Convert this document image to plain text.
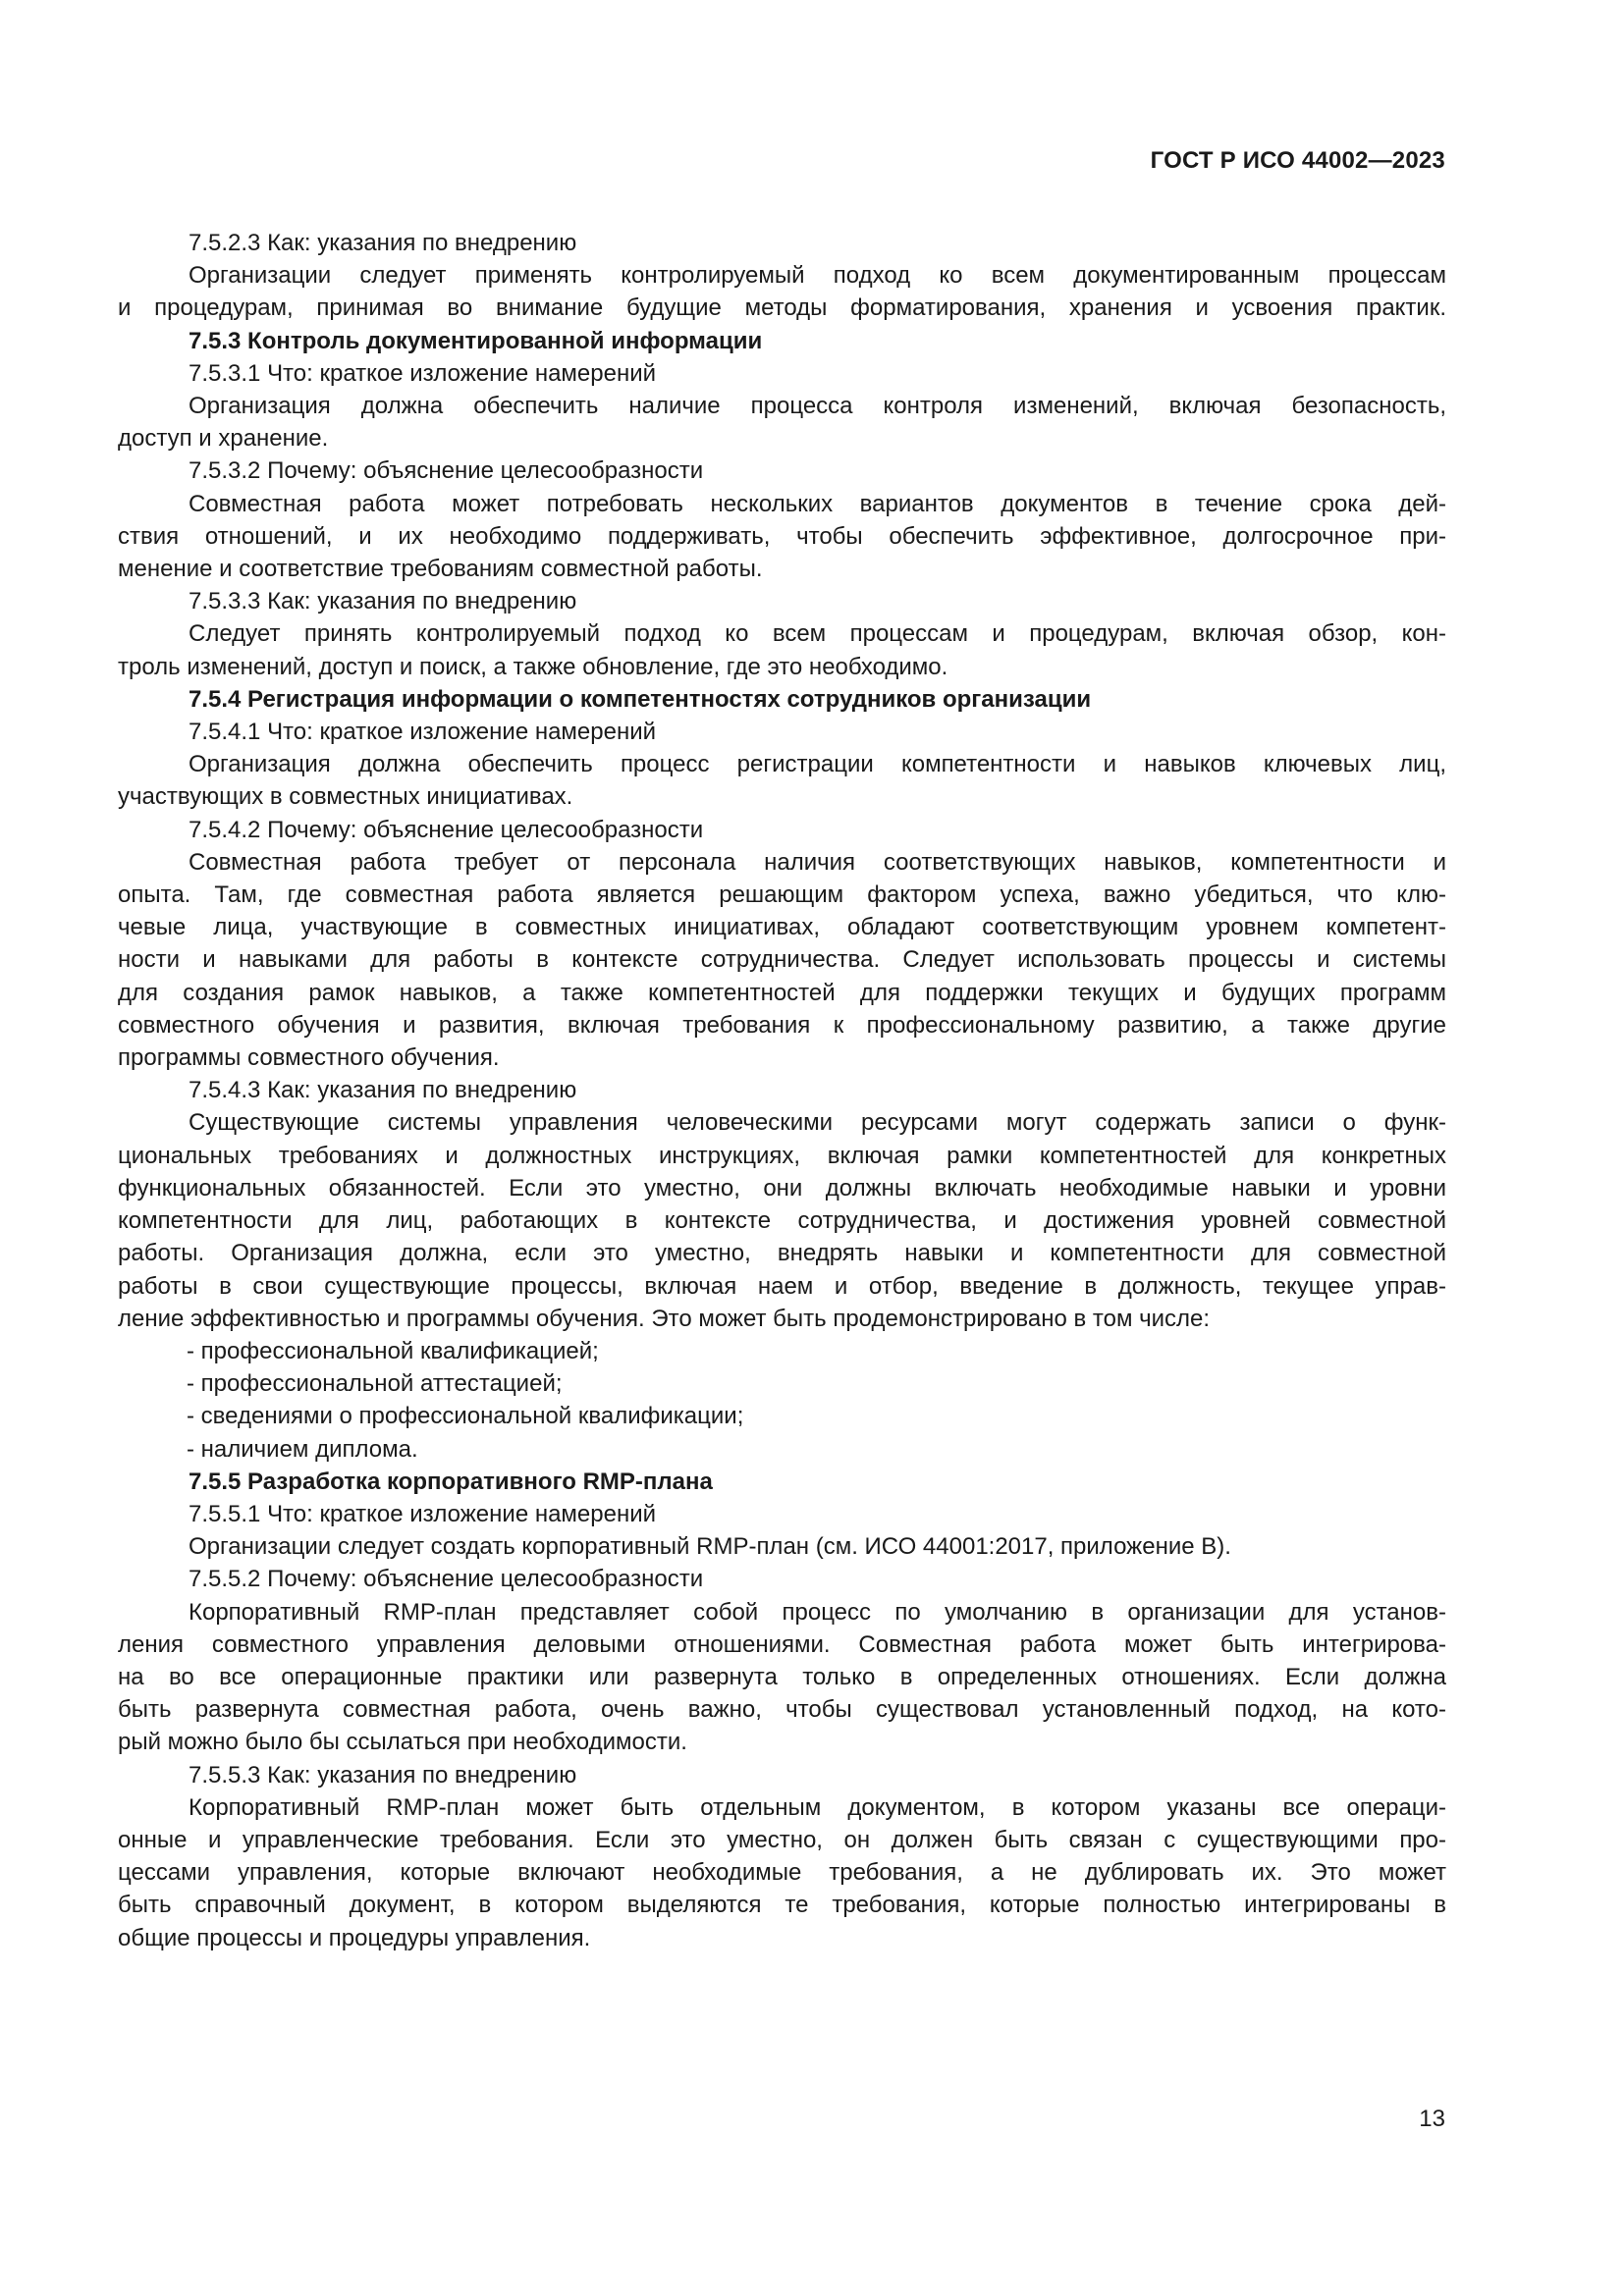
ГОСТ Р ИСО 44002—2023

7.5.2.3 Как: указания по внедрению

Организации следует применять контролируемый подход ко всем документированным процессам

и процедурам, принимая во внимание будущие методы форматирования, хранения и усвоения практик.

7.5.3 Контроль документированной информации

7.5.3.1 Что: краткое изложение намерений

Организация должна обеспечить наличие процесса контроля изменений, включая безопасность,

доступ и хранение.

7.5.3.2 Почему: объяснение целесообразности

Совместная работа может потребовать нескольких вариантов документов в течение срока дей-

ствия отношений, и их необходимо поддерживать, чтобы обеспечить эффективное, долгосрочное при-

менение и соответствие требованиям совместной работы.

7.5.3.3 Как: указания по внедрению

Следует принять контролируемый подход ко всем процессам и процедурам, включая обзор, кон-

троль изменений, доступ и поиск, а также обновление, где это необходимо.

7.5.4 Регистрация информации о компетентностях сотрудников организации

7.5.4.1 Что: краткое изложение намерений

Организация должна обеспечить процесс регистрации компетентности и навыков ключевых лиц,

участвующих в совместных инициативах.

7.5.4.2 Почему: объяснение целесообразности

Совместная работа требует от персонала наличия соответствующих навыков, компетентности и

опыта. Там, где совместная работа является решающим фактором успеха, важно убедиться, что клю-

чевые лица, участвующие в совместных инициативах, обладают соответствующим уровнем компетент-

ности и навыками для работы в контексте сотрудничества. Следует использовать процессы и системы

для создания рамок навыков, а также компетентностей для поддержки текущих и будущих программ

совместного обучения и развития, включая требования к профессиональному развитию, а также другие

программы совместного обучения.

7.5.4.3 Как: указания по внедрению

Существующие системы управления человеческими ресурсами могут содержать записи о функ-

циональных требованиях и должностных инструкциях, включая рамки компетентностей для конкретных

функциональных обязанностей. Если это уместно, они должны включать необходимые навыки и уровни

компетентности для лиц, работающих в контексте сотрудничества, и достижения уровней совместной

работы. Организация должна, если это уместно, внедрять навыки и компетентности для совместной

работы в свои существующие процессы, включая наем и отбор, введение в должность, текущее управ-

ление эффективностью и программы обучения. Это может быть продемонстрировано в том числе:

- профессиональной квалификацией;

- профессиональной аттестацией;

- сведениями о профессиональной квалификации;

- наличием диплома.

7.5.5 Разработка корпоративного RMP-плана

7.5.5.1 Что: краткое изложение намерений

Организации следует создать корпоративный RMP-план (см. ИСО 44001:2017, приложение B).

7.5.5.2 Почему: объяснение целесообразности

Корпоративный RMP-план представляет собой процесс по умолчанию в организации для установ-

ления совместного управления деловыми отношениями. Совместная работа может быть интегрирова-

на во все операционные практики или развернута только в определенных отношениях. Если должна

быть развернута совместная работа, очень важно, чтобы существовал установленный подход, на кото-

рый можно было бы ссылаться при необходимости.

7.5.5.3 Как: указания по внедрению

Корпоративный RMP-план может быть отдельным документом, в котором указаны все операци-

онные и управленческие требования. Если это уместно, он должен быть связан с существующими про-

цессами управления, которые включают необходимые требования, а не дублировать их. Это может

быть справочный документ, в котором выделяются те требования, которые полностью интегрированы в

общие процессы и процедуры управления.

13
